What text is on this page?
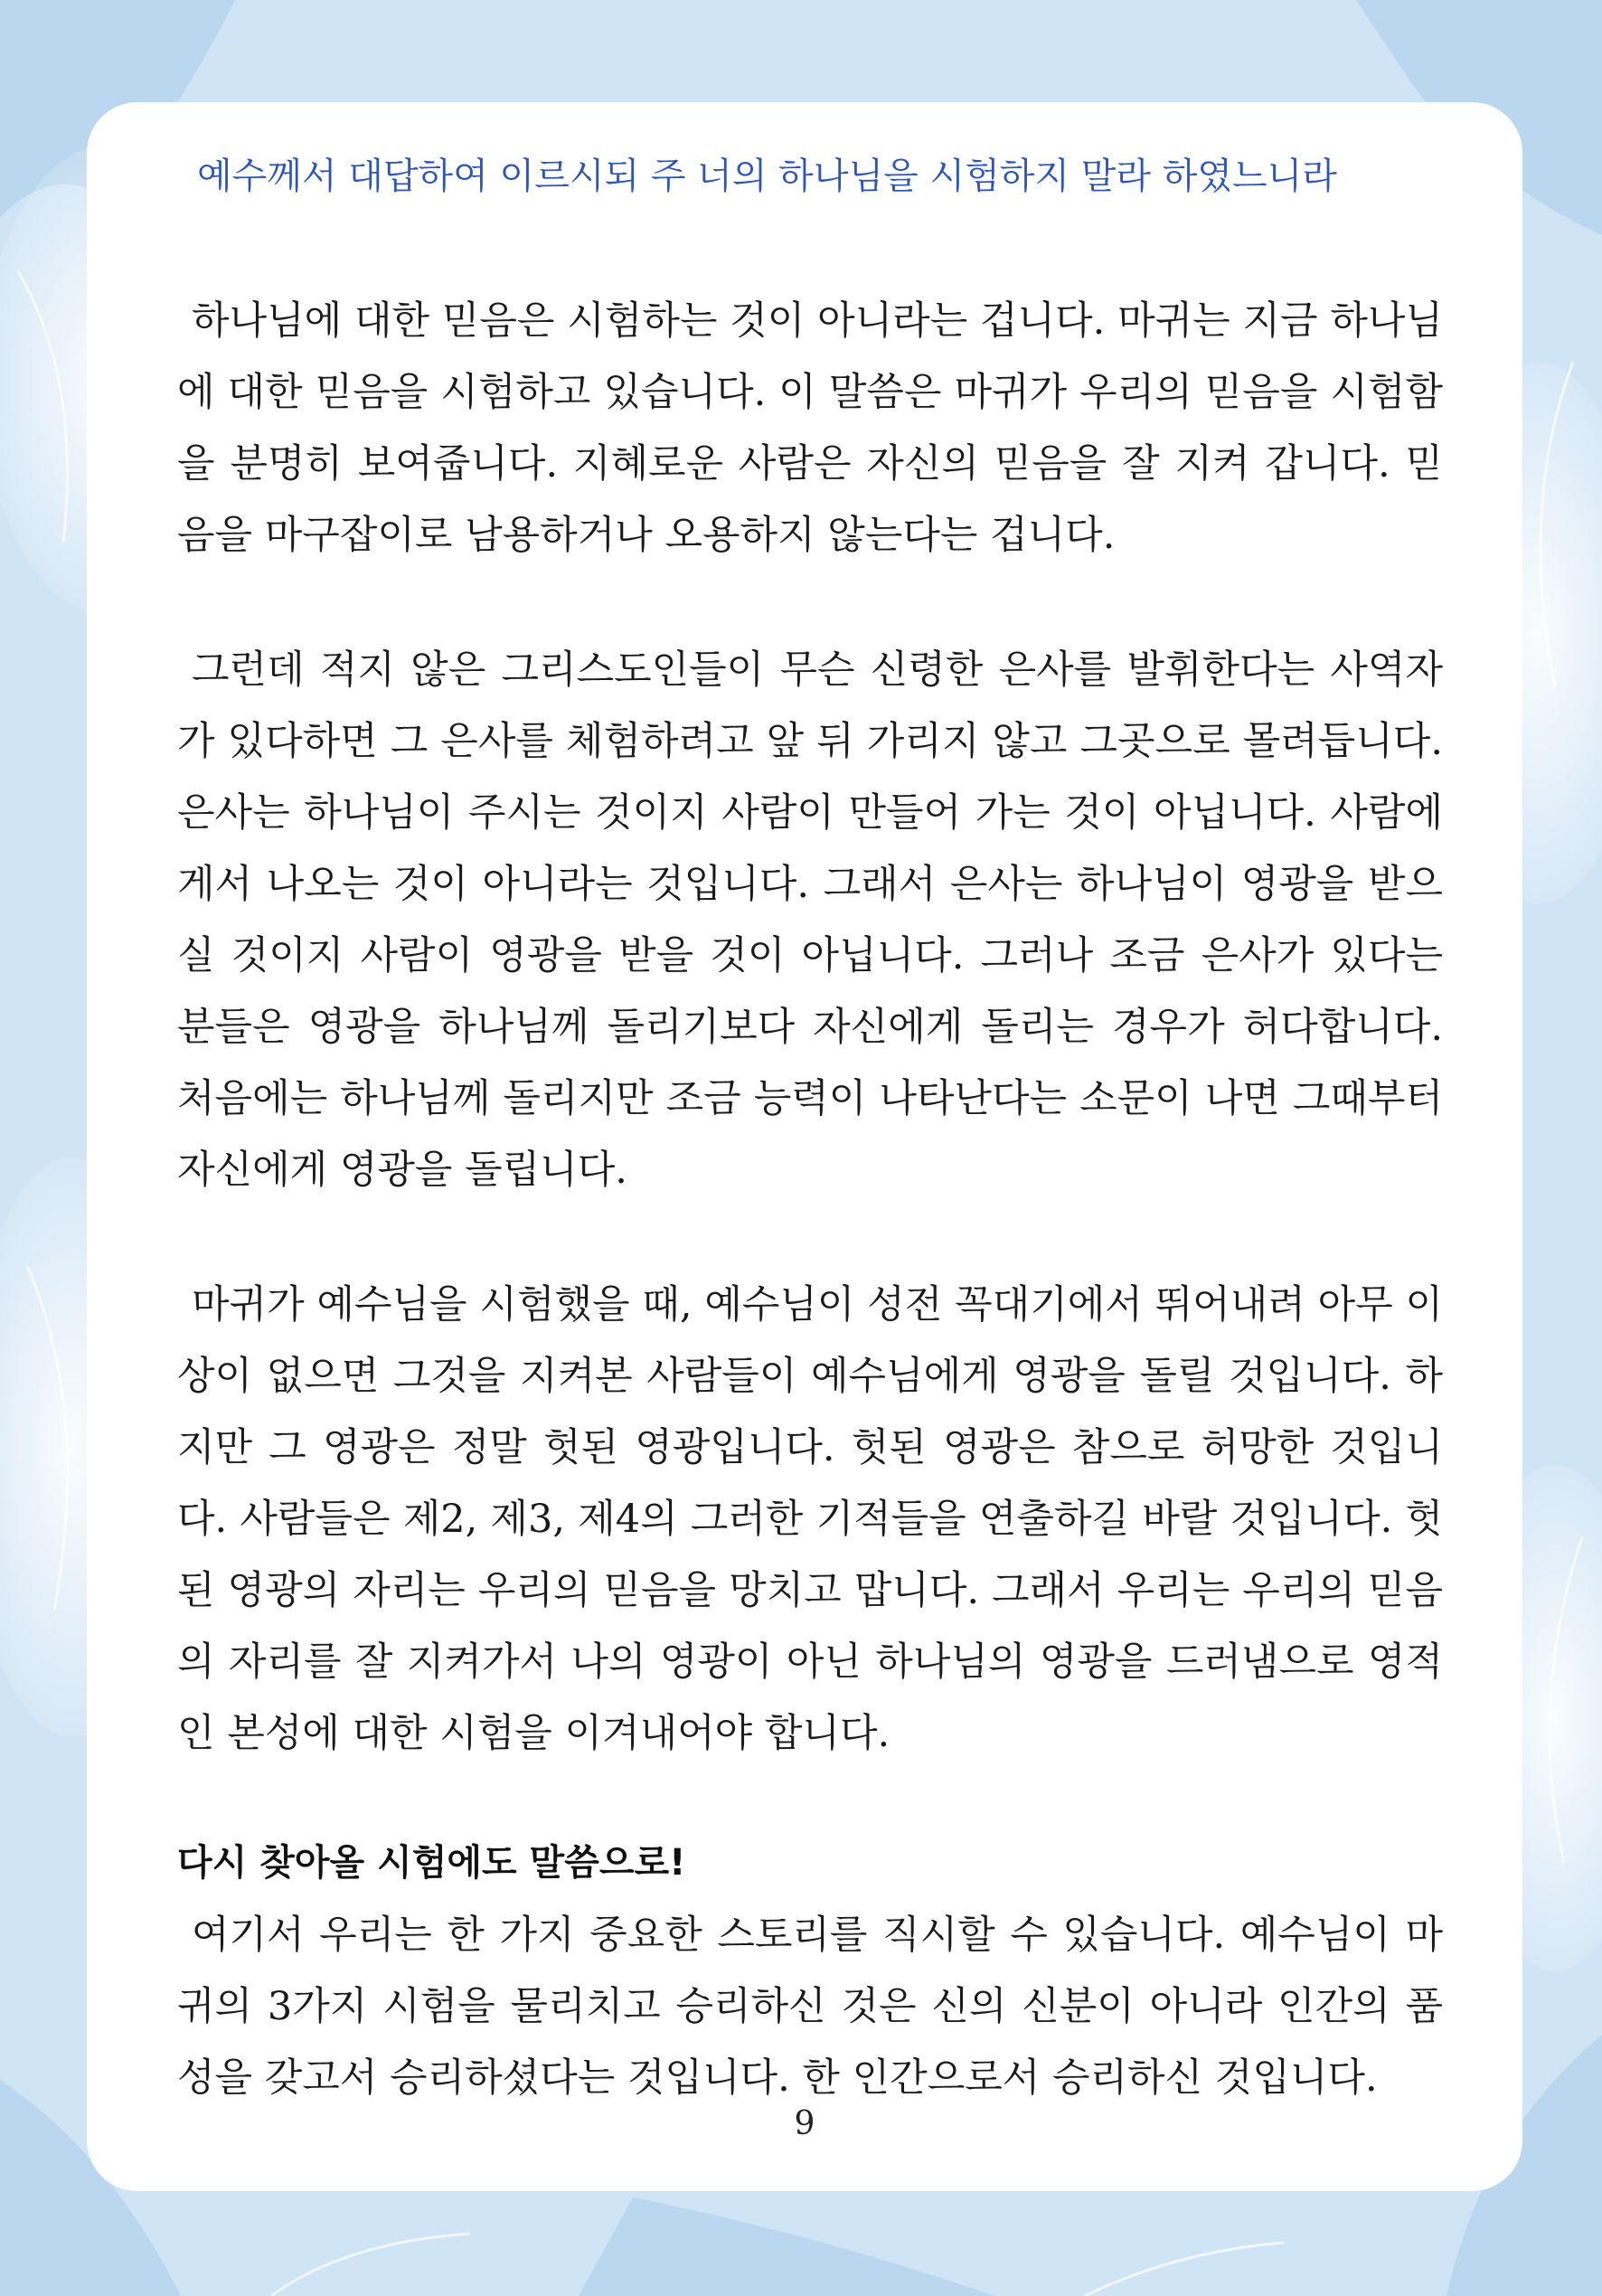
예수께서 대답하여 이르시되 주 너의 하나님을 시험하지 말라 하였느니라

하나님에 대한 믿음은 시험하는 것이 아니라는 겁니다. 마귀는 지금 하나님에 대한 믿음을 시험하고 있습니다. 이 말씀은 마귀가 우리의 믿음을 시험함을 분명히 보여줍니다. 지혜로운 사람은 자신의 믿음을 잘 지켜 갑니다. 믿음을 마구잡이로 남용하거나 오용하지 않는다는 겁니다.

그런데 적지 않은 그리스도인들이 무슨 신령한 은사를 발휘한다는 사역자가 있다하면 그 은사를 체험하려고 앞 뒤 가리지 않고 그곳으로 몰려듭니다. 은사는 하나님이 주시는 것이지 사람이 만들어 가는 것이 아닙니다. 사람에게서 나오는 것이 아니라는 것입니다. 그래서 은사는 하나님이 영광을 받으실 것이지 사람이 영광을 받을 것이 아닙니다. 그러나 조금 은사가 있다는 분들은 영광을 하나님께 돌리기보다 자신에게 돌리는 경우가 허다합니다. 처음에는 하나님께 돌리지만 조금 능력이 나타난다는 소문이 나면 그때부터 자신에게 영광을 돌립니다.

마귀가 예수님을 시험했을 때, 예수님이 성전 꼭대기에서 뛰어내려 아무 이상이 없으면 그것을 지켜본 사람들이 예수님에게 영광을 돌릴 것입니다. 하지만 그 영광은 정말 헛된 영광입니다. 헛된 영광은 참으로 허망한 것입니다. 사람들은 제2, 제3, 제4의 그러한 기적들을 연출하길 바랄 것입니다. 헛된 영광의 자리는 우리의 믿음을 망치고 맙니다. 그래서 우리는 우리의 믿음의 자리를 잘 지켜가서 나의 영광이 아닌 하나님의 영광을 드러냄으로 영적인 본성에 대한 시험을 이겨내어야 합니다.

다시 찾아올 시험에도 말씀으로!

여기서 우리는 한 가지 중요한 스토리를 직시할 수 있습니다. 예수님이 마귀의 3가지 시험을 물리치고 승리하신 것은 신의 신분이 아니라 인간의 품성을 갖고서 승리하셨다는 것입니다. 한 인간으로서 승리하신 것입니다.

9
